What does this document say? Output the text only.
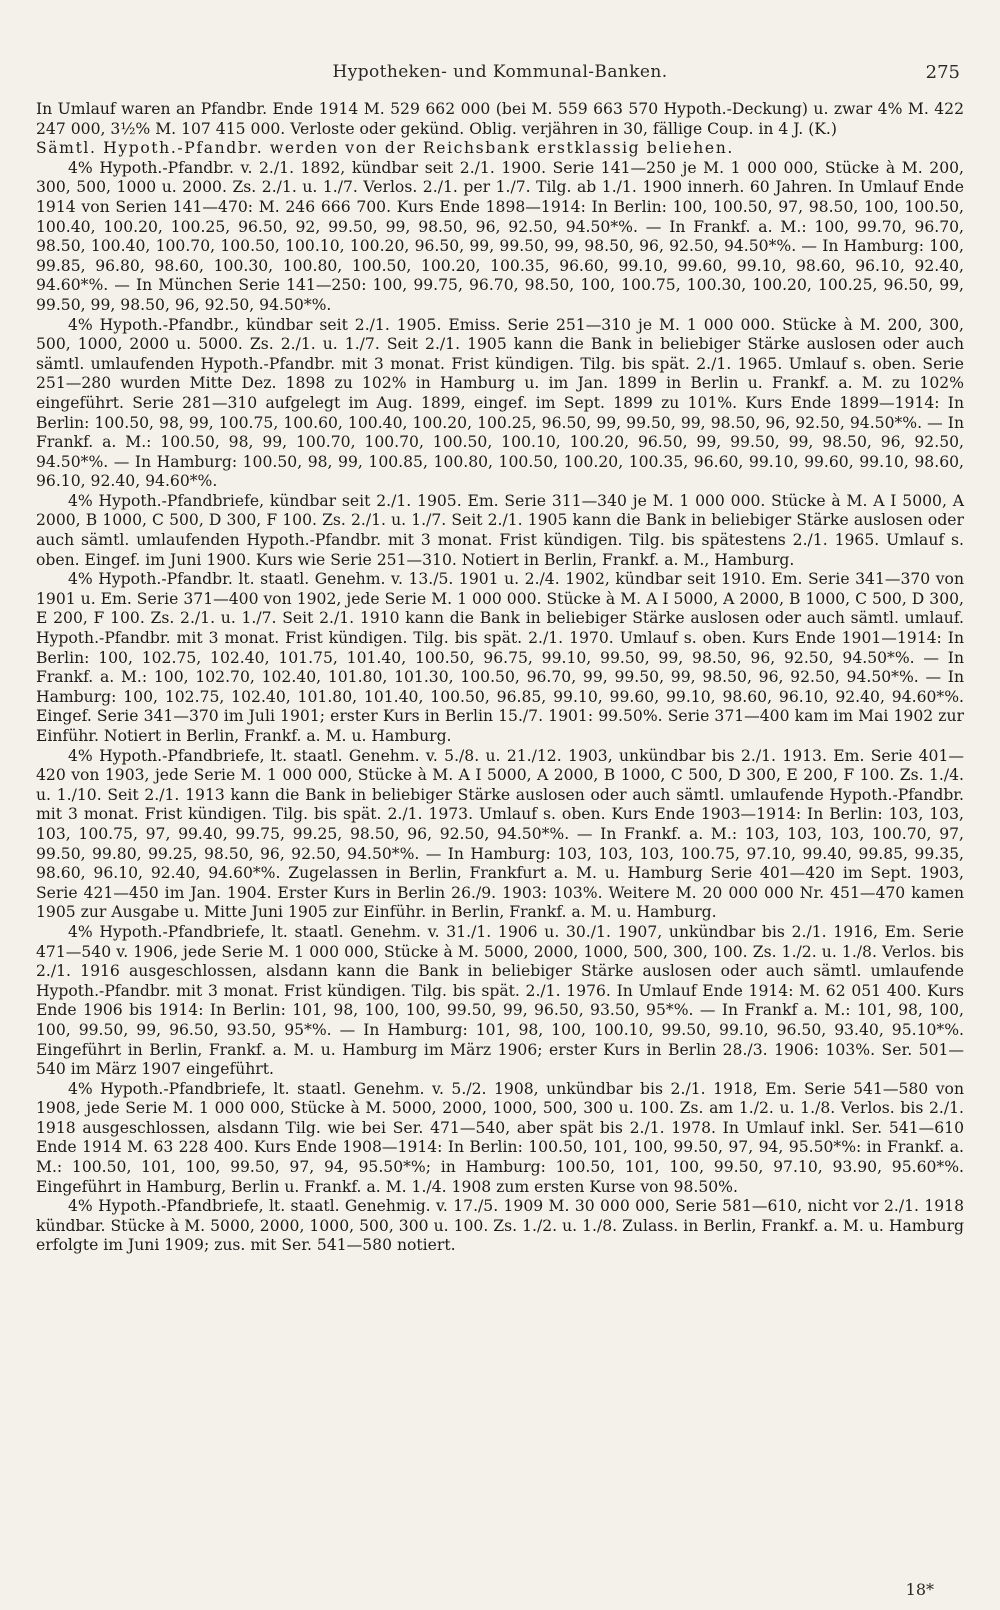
Hypotheken- und Kommunal-Banken.	275

In Umlauf waren an Pfandbr. Ende 1914 M. 529 662 000 (bei M. 559 663 570 Hypoth.-Deckung) u. zwar 4% M. 422 247 000, 3½% M. 107 415 000. Verloste oder gekünd. Oblig. verjähren in 30, fällige Coup. in 4 J. (K.)

Sämtl. Hypoth.-Pfandbr. werden von der Reichsbank erstklassig beliehen.

4% Hypoth.-Pfandbr. v. 2./1. 1892, kündbar seit 2./1. 1900. Serie 141—250 je M. 1 000 000, Stücke à M. 200, 300, 500, 1000 u. 2000. Zs. 2./1. u. 1./7. Verlos. 2./1. per 1./7. Tilg. ab 1./1. 1900 innerh. 60 Jahren. In Umlauf Ende 1914 von Serien 141—470: M. 246 666 700. Kurs Ende 1898—1914: In Berlin: 100, 100.50, 97, 98.50, 100, 100.50, 100.40, 100.20, 100.25, 96.50, 92, 99.50, 99, 98.50, 96, 92.50, 94.50*%. — In Frankf. a. M.: 100, 99.70, 96.70, 98.50, 100.40, 100.70, 100.50, 100.10, 100.20, 96.50, 99, 99.50, 99, 98.50, 96, 92.50, 94.50*%. — In Hamburg: 100, 99.85, 96.80, 98.60, 100.30, 100.80, 100.50, 100.20, 100.35, 96.60, 99.10, 99.60, 99.10, 98.60, 96.10, 92.40, 94.60*%. — In München Serie 141—250: 100, 99.75, 96.70, 98.50, 100, 100.75, 100.30, 100.20, 100.25, 96.50, 99, 99.50, 99, 98.50, 96, 92.50, 94.50*%.

4% Hypoth.-Pfandbr., kündbar seit 2./1. 1905. Emiss. Serie 251—310 je M. 1 000 000. Stücke à M. 200, 300, 500, 1000, 2000 u. 5000. Zs. 2./1. u. 1./7. Seit 2./1. 1905 kann die Bank in beliebiger Stärke auslosen oder auch sämtl. umlaufenden Hypoth.-Pfandbr. mit 3 monat. Frist kündigen. Tilg. bis spät. 2./1. 1965. Umlauf s. oben. Serie 251—280 wurden Mitte Dez. 1898 zu 102% in Hamburg u. im Jan. 1899 in Berlin u. Frankf. a. M. zu 102% eingeführt. Serie 281—310 aufgelegt im Aug. 1899, eingef. im Sept. 1899 zu 101%. Kurs Ende 1899—1914: In Berlin: 100.50, 98, 99, 100.75, 100.60, 100.40, 100.20, 100.25, 96.50, 99, 99.50, 99, 98.50, 96, 92.50, 94.50*%. — In Frankf. a. M.: 100.50, 98, 99, 100.70, 100.70, 100.50, 100.10, 100.20, 96.50, 99, 99.50, 99, 98.50, 96, 92.50, 94.50*%. — In Hamburg: 100.50, 98, 99, 100.85, 100.80, 100.50, 100.20, 100.35, 96.60, 99.10, 99.60, 99.10, 98.60, 96.10, 92.40, 94.60*%.

4% Hypoth.-Pfandbriefe, kündbar seit 2./1. 1905. Em. Serie 311—340 je M. 1 000 000. Stücke à M. A I 5000, A 2000, B 1000, C 500, D 300, F 100. Zs. 2./1. u. 1./7. Seit 2./1. 1905 kann die Bank in beliebiger Stärke auslosen oder auch sämtl. umlaufenden Hypoth.-Pfandbr. mit 3 monat. Frist kündigen. Tilg. bis spätestens 2./1. 1965. Umlauf s. oben. Eingef. im Juni 1900. Kurs wie Serie 251—310. Notiert in Berlin, Frankf. a. M., Hamburg.

4% Hypoth.-Pfandbr. lt. staatl. Genehm. v. 13./5. 1901 u. 2./4. 1902, kündbar seit 1910. Em. Serie 341—370 von 1901 u. Em. Serie 371—400 von 1902, jede Serie M. 1 000 000. Stücke à M. A I 5000, A 2000, B 1000, C 500, D 300, E 200, F 100. Zs. 2./1. u. 1./7. Seit 2./1. 1910 kann die Bank in beliebiger Stärke auslosen oder auch sämtl. umlauf. Hypoth.-Pfandbr. mit 3 monat. Frist kündigen. Tilg. bis spät. 2./1. 1970. Umlauf s. oben. Kurs Ende 1901—1914: In Berlin: 100, 102.75, 102.40, 101.75, 101.40, 100.50, 96.75, 99.10, 99.50, 99, 98.50, 96, 92.50, 94.50*%. — In Frankf. a. M.: 100, 102.70, 102.40, 101.80, 101.30, 100.50, 96.70, 99, 99.50, 99, 98.50, 96, 92.50, 94.50*%. — In Hamburg: 100, 102.75, 102.40, 101.80, 101.40, 100.50, 96.85, 99.10, 99.60, 99.10, 98.60, 96.10, 92.40, 94.60*%. Eingef. Serie 341—370 im Juli 1901; erster Kurs in Berlin 15./7. 1901: 99.50%. Serie 371—400 kam im Mai 1902 zur Einführ. Notiert in Berlin, Frankf. a. M. u. Hamburg.

4% Hypoth.-Pfandbriefe, lt. staatl. Genehm. v. 5./8. u. 21./12. 1903, unkündbar bis 2./1. 1913. Em. Serie 401—420 von 1903, jede Serie M. 1 000 000, Stücke à M. A I 5000, A 2000, B 1000, C 500, D 300, E 200, F 100. Zs. 1./4. u. 1./10. Seit 2./1. 1913 kann die Bank in beliebiger Stärke auslosen oder auch sämtl. umlaufende Hypoth.-Pfandbr. mit 3 monat. Frist kündigen. Tilg. bis spät. 2./1. 1973. Umlauf s. oben. Kurs Ende 1903—1914: In Berlin: 103, 103, 103, 100.75, 97, 99.40, 99.75, 99.25, 98.50, 96, 92.50, 94.50*%. — In Frankf. a. M.: 103, 103, 103, 100.70, 97, 99.50, 99.80, 99.25, 98.50, 96, 92.50, 94.50*%. — In Hamburg: 103, 103, 103, 100.75, 97.10, 99.40, 99.85, 99.35, 98.60, 96.10, 92.40, 94.60*%. Zugelassen in Berlin, Frankfurt a. M. u. Hamburg Serie 401—420 im Sept. 1903, Serie 421—450 im Jan. 1904. Erster Kurs in Berlin 26./9. 1903: 103%. Weitere M. 20 000 000 Nr. 451—470 kamen 1905 zur Ausgabe u. Mitte Juni 1905 zur Einführ. in Berlin, Frankf. a. M. u. Hamburg.

4% Hypoth.-Pfandbriefe, lt. staatl. Genehm. v. 31./1. 1906 u. 30./1. 1907, unkündbar bis 2./1. 1916, Em. Serie 471—540 v. 1906, jede Serie M. 1 000 000, Stücke à M. 5000, 2000, 1000, 500, 300, 100. Zs. 1./2. u. 1./8. Verlos. bis 2./1. 1916 ausgeschlossen, alsdann kann die Bank in beliebiger Stärke auslosen oder auch sämtl. umlaufende Hypoth.-Pfandbr. mit 3 monat. Frist kündigen. Tilg. bis spät. 2./1. 1976. In Umlauf Ende 1914: M. 62 051 400. Kurs Ende 1906 bis 1914: In Berlin: 101, 98, 100, 100, 99.50, 99, 96.50, 93.50, 95*%. — In Frankf a. M.: 101, 98, 100, 100, 99.50, 99, 96.50, 93.50, 95*%. — In Hamburg: 101, 98, 100, 100.10, 99.50, 99.10, 96.50, 93.40, 95.10*%. Eingeführt in Berlin, Frankf. a. M. u. Hamburg im März 1906; erster Kurs in Berlin 28./3. 1906: 103%. Ser. 501—540 im März 1907 eingeführt.

4% Hypoth.-Pfandbriefe, lt. staatl. Genehm. v. 5./2. 1908, unkündbar bis 2./1. 1918, Em. Serie 541—580 von 1908, jede Serie M. 1 000 000, Stücke à M. 5000, 2000, 1000, 500, 300 u. 100. Zs. am 1./2. u. 1./8. Verlos. bis 2./1. 1918 ausgeschlossen, alsdann Tilg. wie bei Ser. 471—540, aber spät bis 2./1. 1978. In Umlauf inkl. Ser. 541—610 Ende 1914 M. 63 228 400. Kurs Ende 1908—1914: In Berlin: 100.50, 101, 100, 99.50, 97, 94, 95.50*%: in Frankf. a. M.: 100.50, 101, 100, 99.50, 97, 94, 95.50*%; in Hamburg: 100.50, 101, 100, 99.50, 97.10, 93.90, 95.60*%. Eingeführt in Hamburg, Berlin u. Frankf. a. M. 1./4. 1908 zum ersten Kurse von 98.50%.

4% Hypoth.-Pfandbriefe, lt. staatl. Genehmig. v. 17./5. 1909 M. 30 000 000, Serie 581—610, nicht vor 2./1. 1918 kündbar. Stücke à M. 5000, 2000, 1000, 500, 300 u. 100. Zs. 1./2. u. 1./8. Zulass. in Berlin, Frankf. a. M. u. Hamburg erfolgte im Juni 1909; zus. mit Ser. 541—580 notiert.

18*
